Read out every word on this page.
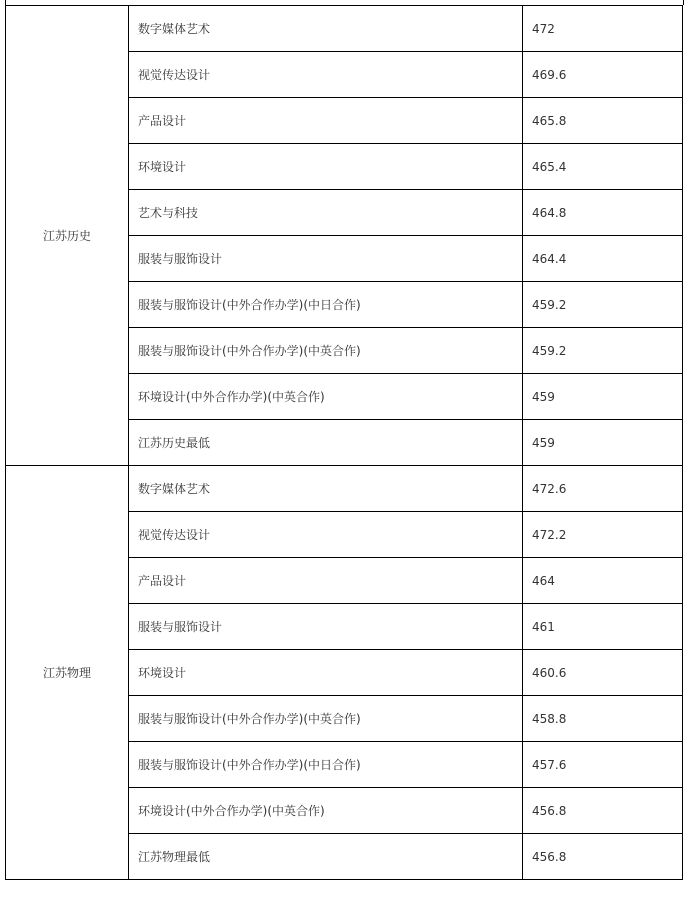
江苏历史	数字媒体艺术	472
	视觉传达设计	469.6
	产品设计	465.8
	环境设计	465.4
	艺术与科技	464.8
	服装与服饰设计	464.4
	服装与服饰设计(中外合作办学)(中日合作)	459.2
	服装与服饰设计(中外合作办学)(中英合作)	459.2
	环境设计(中外合作办学)(中英合作)	459
	江苏历史最低	459
江苏物理	数字媒体艺术	472.6
	视觉传达设计	472.2
	产品设计	464
	服装与服饰设计	461
	环境设计	460.6
	服装与服饰设计(中外合作办学)(中英合作)	458.8
	服装与服饰设计(中外合作办学)(中日合作)	457.6
	环境设计(中外合作办学)(中英合作)	456.8
	江苏物理最低	456.8
